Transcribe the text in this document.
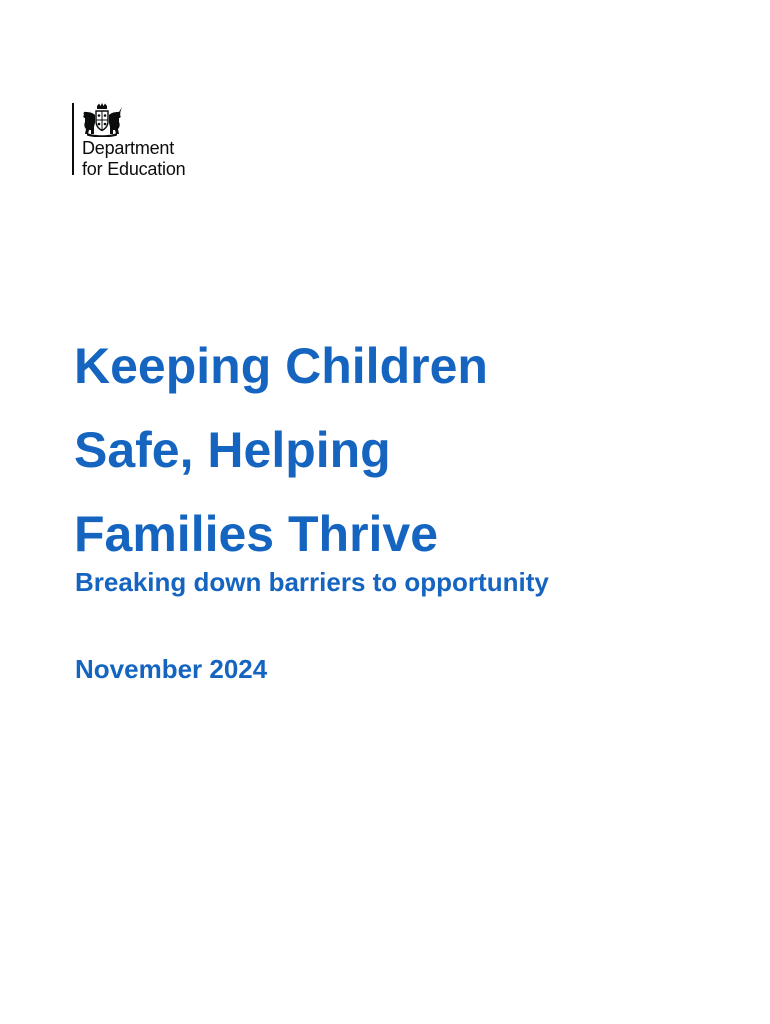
Department
for Education
Keeping Children
Safe, Helping
Families Thrive
Breaking down barriers to opportunity

November 2024
